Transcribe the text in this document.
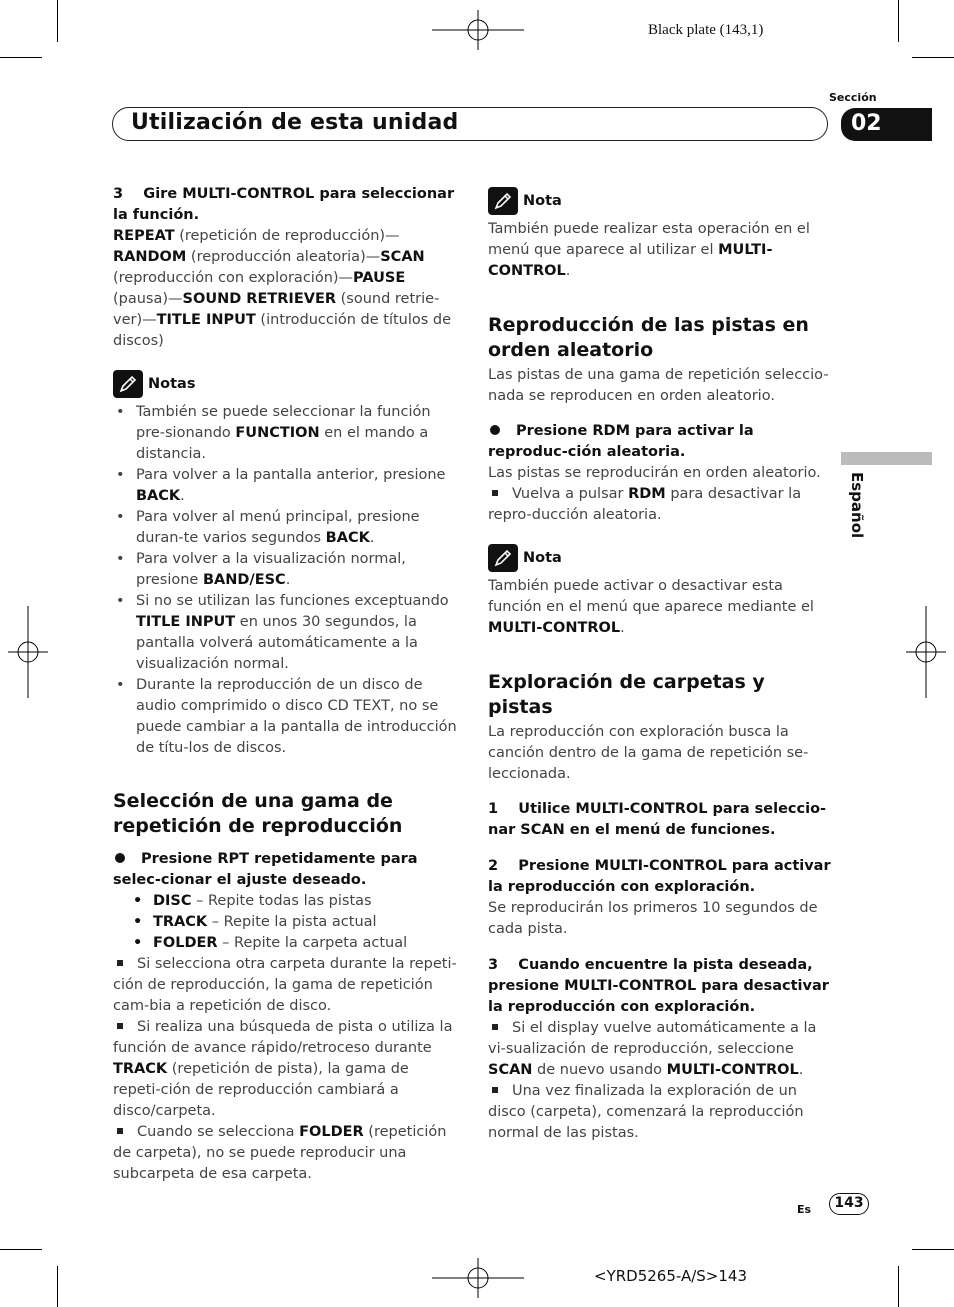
Black plate (143,1)
Sección
Utilización de esta unidad	02
Español

3 Gire MULTI-CONTROL para seleccionar la función.

REPEAT (repetición de reproducción)—RANDOM (reproducción aleatoria)—SCAN (reproducción con exploración)—PAUSE (pausa)—SOUND RETRIEVER (sound retrie-ver)—TITLE INPUT (introducción de títulos de discos)

Notas
• También se puede seleccionar la función pre-sionando FUNCTION en el mando a distancia.
• Para volver a la pantalla anterior, presione BACK.
• Para volver al menú principal, presione duran-te varios segundos BACK.
• Para volver a la visualización normal, presione BAND/ESC.
• Si no se utilizan las funciones exceptuando TITLE INPUT en unos 30 segundos, la pantalla volverá automáticamente a la visualización normal.
• Durante la reproducción de un disco de audio comprimido o disco CD TEXT, no se puede cambiar a la pantalla de introducción de títu-los de discos.
Selección de una gama de repetición de reproducción

Presione RPT repetidamente para selec-cionar el ajuste deseado.

• DISC – Repite todas las pistas
• TRACK – Repite la pista actual
• FOLDER – Repite la carpeta actual

Si selecciona otra carpeta durante la repeti-ción de reproducción, la gama de repetición cam-bia a repetición de disco.

Si realiza una búsqueda de pista o utiliza la función de avance rápido/retroceso durante TRACK (repetición de pista), la gama de repeti-ción de reproducción cambiará a disco/carpeta.

Cuando se selecciona FOLDER (repetición de carpeta), no se puede reproducir una subcarpeta de esa carpeta.

Nota

También puede realizar esta operación en el menú que aparece al utilizar el MULTI-CONTROL.

Reproducción de las pistas en orden aleatorio

Las pistas de una gama de repetición seleccio-nada se reproducen en orden aleatorio.

Presione RDM para activar la reproduc-ción aleatoria.

Las pistas se reproducirán en orden aleatorio.

Vuelva a pulsar RDM para desactivar la repro-ducción aleatoria.

Nota

También puede activar o desactivar esta función en el menú que aparece mediante el MULTI-CONTROL.

Exploración de carpetas y pistas

La reproducción con exploración busca la canción dentro de la gama de repetición se-leccionada.

1 Utilice MULTI-CONTROL para seleccio-nar SCAN en el menú de funciones.

2 Presione MULTI-CONTROL para activar la reproducción con exploración.

Se reproducirán los primeros 10 segundos de cada pista.

3 Cuando encuentre la pista deseada, presione MULTI-CONTROL para desactivar la reproducción con exploración.

Si el display vuelve automáticamente a la vi-sualización de reproducción, seleccione SCAN de nuevo usando MULTI-CONTROL.

Una vez finalizada la exploración de un disco (carpeta), comenzará la reproducción normal de las pistas.

Es	143
<YRD5265-A/S>143
